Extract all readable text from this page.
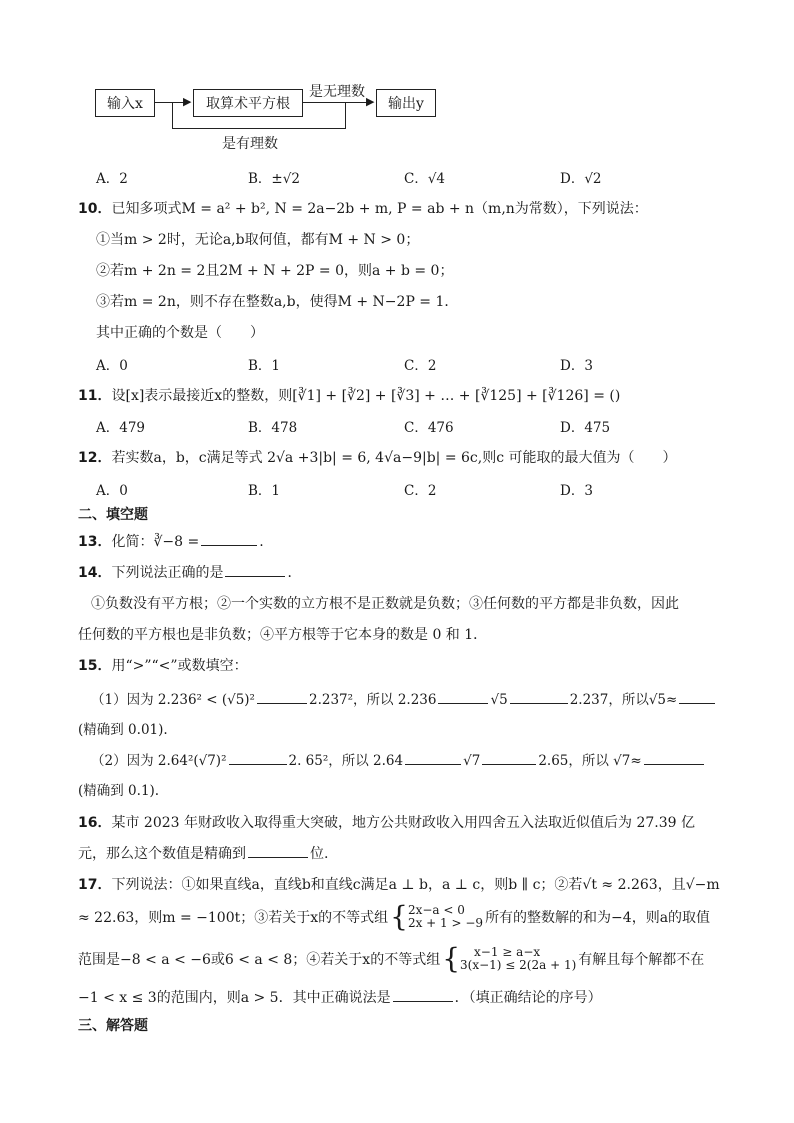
输入x	▶ 取算术平方根	▶
是无理数
输出y
是有理数
A．2	B．±√2	C．√4	D．√2
10．已知多项式M = a² + b², N = 2a−2b + m, P = ab + n（m,n为常数），下列说法：
①当m > 2时，无论a,b取何值，都有M + N > 0；
②若m + 2n = 2且2M + N + 2P = 0，则a + b = 0；
③若m = 2n，则不存在整数a,b，使得M + N−2P = 1．
其中正确的个数是（　　）
A．0	B．1	C．2	D．3
11．设[x]表示最接近x的整数，则[∛1] + [∛2] + [∛3] + … + [∛125] + [∛126] = ()
A．479	B．478	C．476	D．475
12．若实数a，b，c满足等式 2√a +3|b| = 6, 4√a−9|b| = 6c,则c 可能取的最大值为（　　）
A．0	B．1	C．2	D．3
二、填空题
13．化简：∛−8 =	.
14．下列说法正确的是	．
①负数没有平方根；②一个实数的立方根不是正数就是负数；③任何数的平方都是非负数，因此
任何数的平方根也是非负数；④平方根等于它本身的数是 0 和 1．
15．用“>”“<”或数填空：
（1）因为 2.236² < (√5)²	2.237²，所以 2.236	√5	2.237，所以√5≈
(精确到 0.01).
（2）因为 2.64²(√7)²	2. 65²，所以 2.64	√7	2.65，所以 √7≈
(精确到 0.1).
16．某市 2023 年财政收入取得重大突破，地方公共财政收入用四舍五入法取近似值后为 27.39 亿
元，那么这个数值是精确到	位.
17．下列说法：①如果直线a，直线b和直线c满足a ⊥ b，a ⊥ c，则b ∥ c；②若√t ≈ 2.263，且√−m
≈ 22.63，则m = −100t；③若关于x的不等式组 { 2x−a < 0
2x + 1 > −9 所有的整数解的和为−4，则a的取值
范围是−8 < a < −6或6 < a < 8；④若关于x的不等式组 {	x−1 ≥ a−x
3(x−1) ≤ 2(2a + 1) 有解且每个解都不在
−1 < x ≤ 3的范围内，则a > 5．其中正确说法是	．（填正确结论的序号）
三、解答题
